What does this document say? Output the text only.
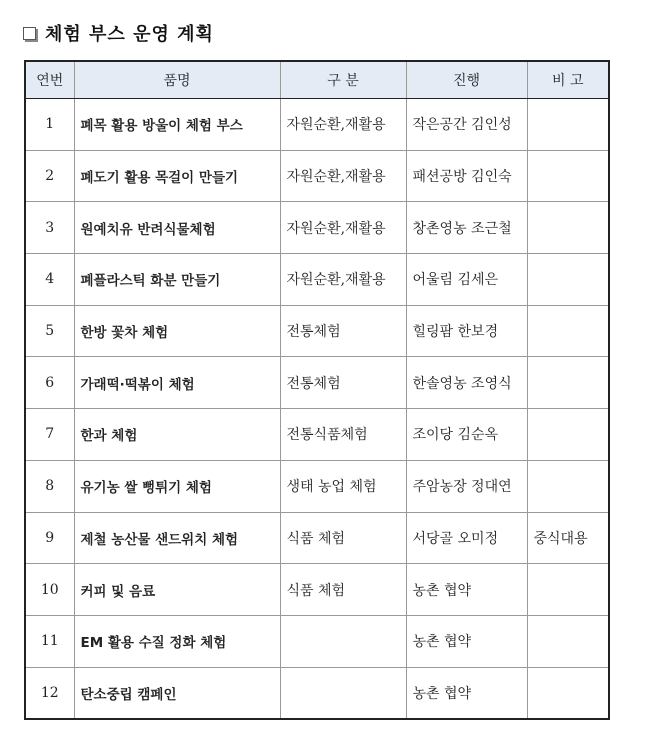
체험 부스 운영 계획
연번	품명	구 분	진행	비 고
1	폐목 활용 방울이 체험 부스	자원순환,재활용	작은공간 김인성	
2	폐도기 활용 목걸이 만들기	자원순환,재활용	패션공방 김인숙	
3	원예치유 반려식물체험	자원순환,재활용	창촌영농 조근철	
4	폐플라스틱 화분 만들기	자원순환,재활용	어울림 김세은	
5	한방 꽃차 체험	전통체험	힐링팜 한보경	
6	가래떡·떡볶이 체험	전통체험	한솔영농 조영식	
7	한과 체험	전통식품체험	조이당 김순옥	
8	유기농 쌀 뻥튀기 체험	생태 농업 체험	주암농장 정대연	
9	제철 농산물 샌드위치 체험	식품 체험	서당골 오미정	중식대용
10	커피 및 음료	식품 체험	농촌 협약	
11	EM 활용 수질 정화 체험		농촌 협약	
12	탄소중립 캠페인		농촌 협약	
